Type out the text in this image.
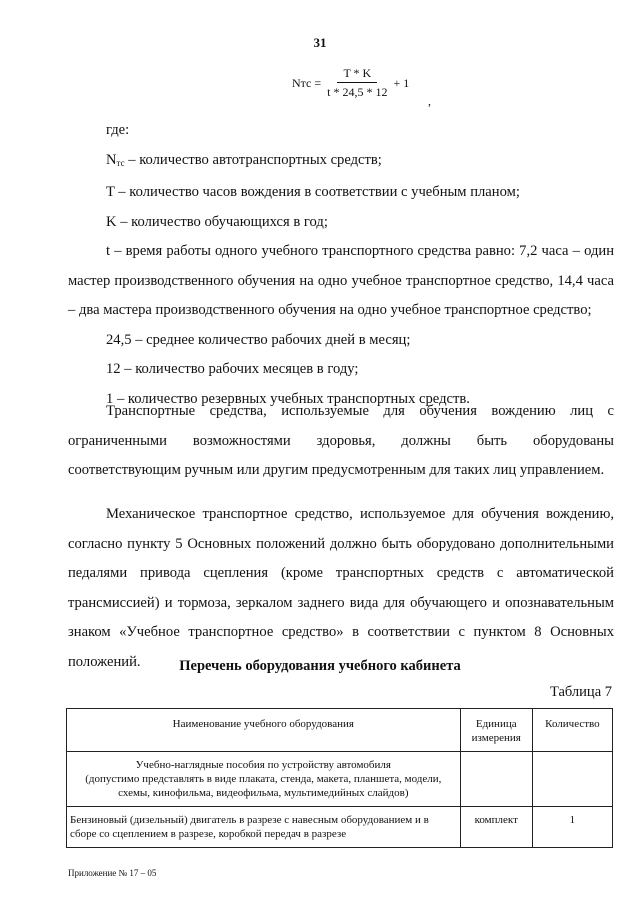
31
Nтс = $\frac{T * K}{t * 24,5 * 12} + 1$
,

где:

$N_{тс}$ – количество автотранспортных средств;

T – количество часов вождения в соответствии с учебным планом;

K – количество обучающихся в год;

t – время работы одного учебного транспортного средства равно: 7,2 часа – один мастер производственного обучения на одно учебное транспортное средство, 14,4 часа – два мастера производственного обучения на одно учебное транспортное средство;

24,5 – среднее количество рабочих дней в месяц;

12 – количество рабочих месяцев в году;

1 – количество резервных учебных транспортных средств.

Транспортные средства, используемые для обучения вождению лиц с ограниченными возможностями здоровья, должны быть оборудованы соответствующим ручным или другим предусмотренным для таких лиц управлением.

Механическое транспортное средство, используемое для обучения вождению, согласно пункту 5 Основных положений должно быть оборудовано дополнительными педалями привода сцепления (кроме транспортных средств с автоматической трансмиссией) и тормоза, зеркалом заднего вида для обучающего и опознавательным знаком «Учебное транспортное средство» в соответствии с пунктом 8 Основных положений.	Перечень оборудования учебного кабинета
Таблица 7
Наименование учебного оборудования	Единица измерения	Количество

Учебно-наглядные пособия по устройству автомобиля
(допустимо представлять в виде плаката, стенда, макета, планшета, модели, схемы, кинофильма, видеофильма, мультимедийных слайдов)		

Бензиновый (дизельный) двигатель в разрезе с навесным оборудованием и в сборе со сцеплением в разрезе, коробкой передач в разрезе	комплект	1
Приложение № 17 – 05
